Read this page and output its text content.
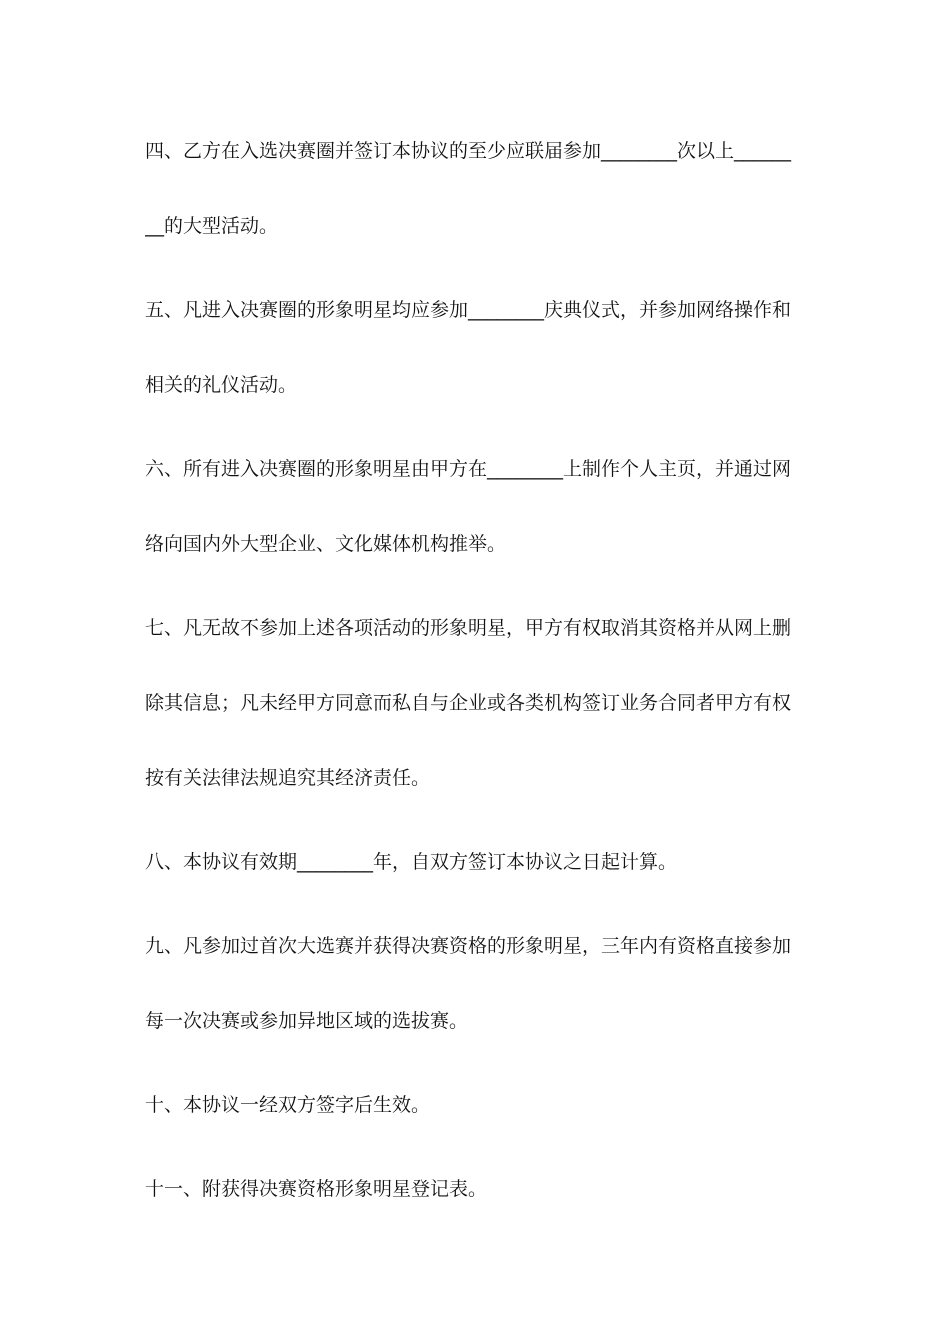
四、乙方在入选决赛圈并签订本协议的至少应联届参加________次以上______
__的大型活动。
五、凡进入决赛圈的形象明星均应参加________庆典仪式，并参加网络操作和
相关的礼仪活动。
六、所有进入决赛圈的形象明星由甲方在________上制作个人主页，并通过网
络向国内外大型企业、文化媒体机构推举。
七、凡无故不参加上述各项活动的形象明星，甲方有权取消其资格并从网上删
除其信息；凡未经甲方同意而私自与企业或各类机构签订业务合同者甲方有权
按有关法律法规追究其经济责任。
八、本协议有效期________年，自双方签订本协议之日起计算。
九、凡参加过首次大选赛并获得决赛资格的形象明星，三年内有资格直接参加
每一次决赛或参加异地区域的选拔赛。
十、本协议一经双方签字后生效。
十一、附获得决赛资格形象明星登记表。
